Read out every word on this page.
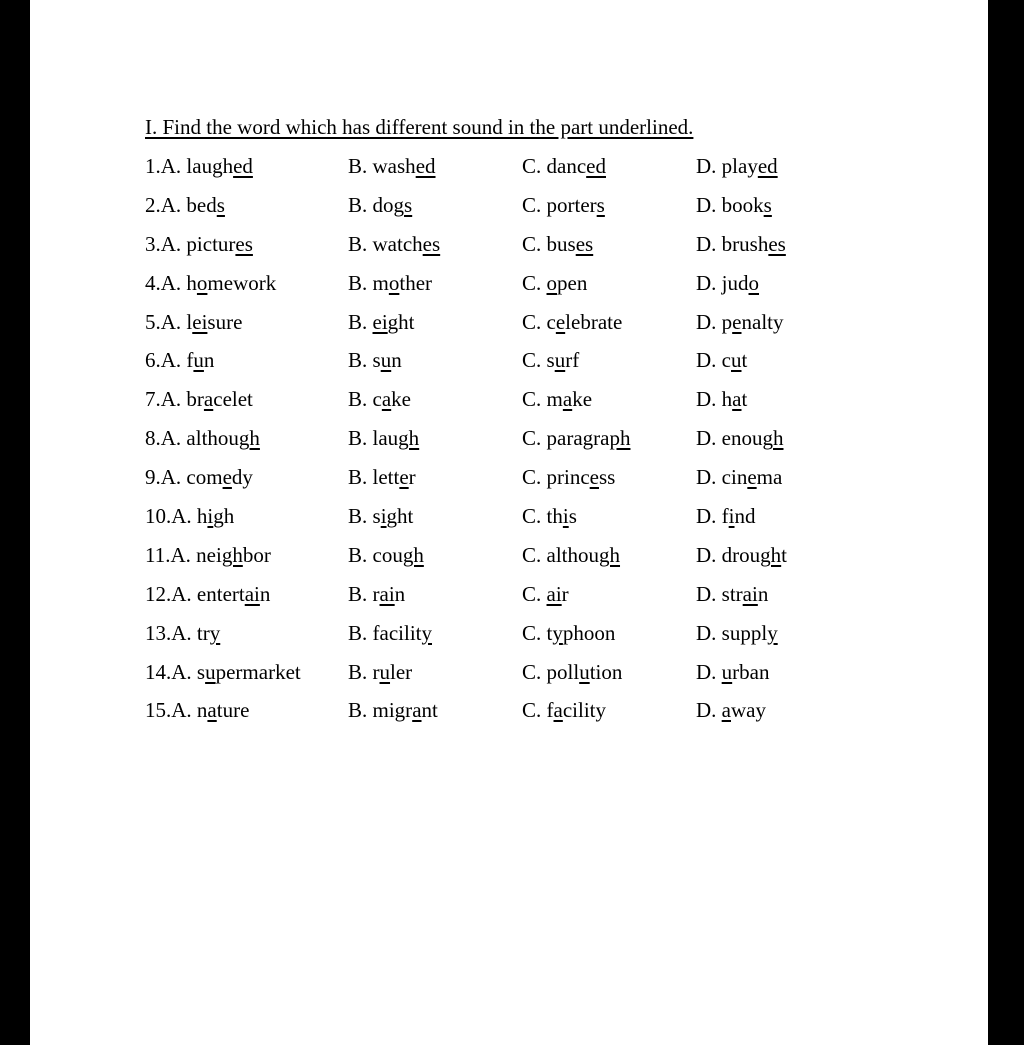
I. Find the word which has different sound in the part underlined.
1.A. laughed	B. washed	C. danced	D. played
2.A. beds	B. dogs	C. porters	D. books
3.A. pictures	B. watches	C. buses	D. brushes
4.A. homework	B. mother	C. open	D. judo
5.A. leisure	B. eight	C. celebrate	D. penalty
6.A. fun	B. sun	C. surf	D. cut
7.A. bracelet	B. cake	C. make	D. hat
8.A. although	B. laugh	C. paragraph	D. enough
9.A. comedy	B. letter	C. princess	D. cinema
10.A. high	B. sight	C. this	D. find
11.A. neighbor	B. cough	C. although	D. drought
12.A. entertain	B. rain	C. air	D. strain
13.A. try	B. facility	C. typhoon	D. supply
14.A. supermarket B. ruler	C. pollution	D. urban
15.A. nature	B. migrant	C. facility	D. away
